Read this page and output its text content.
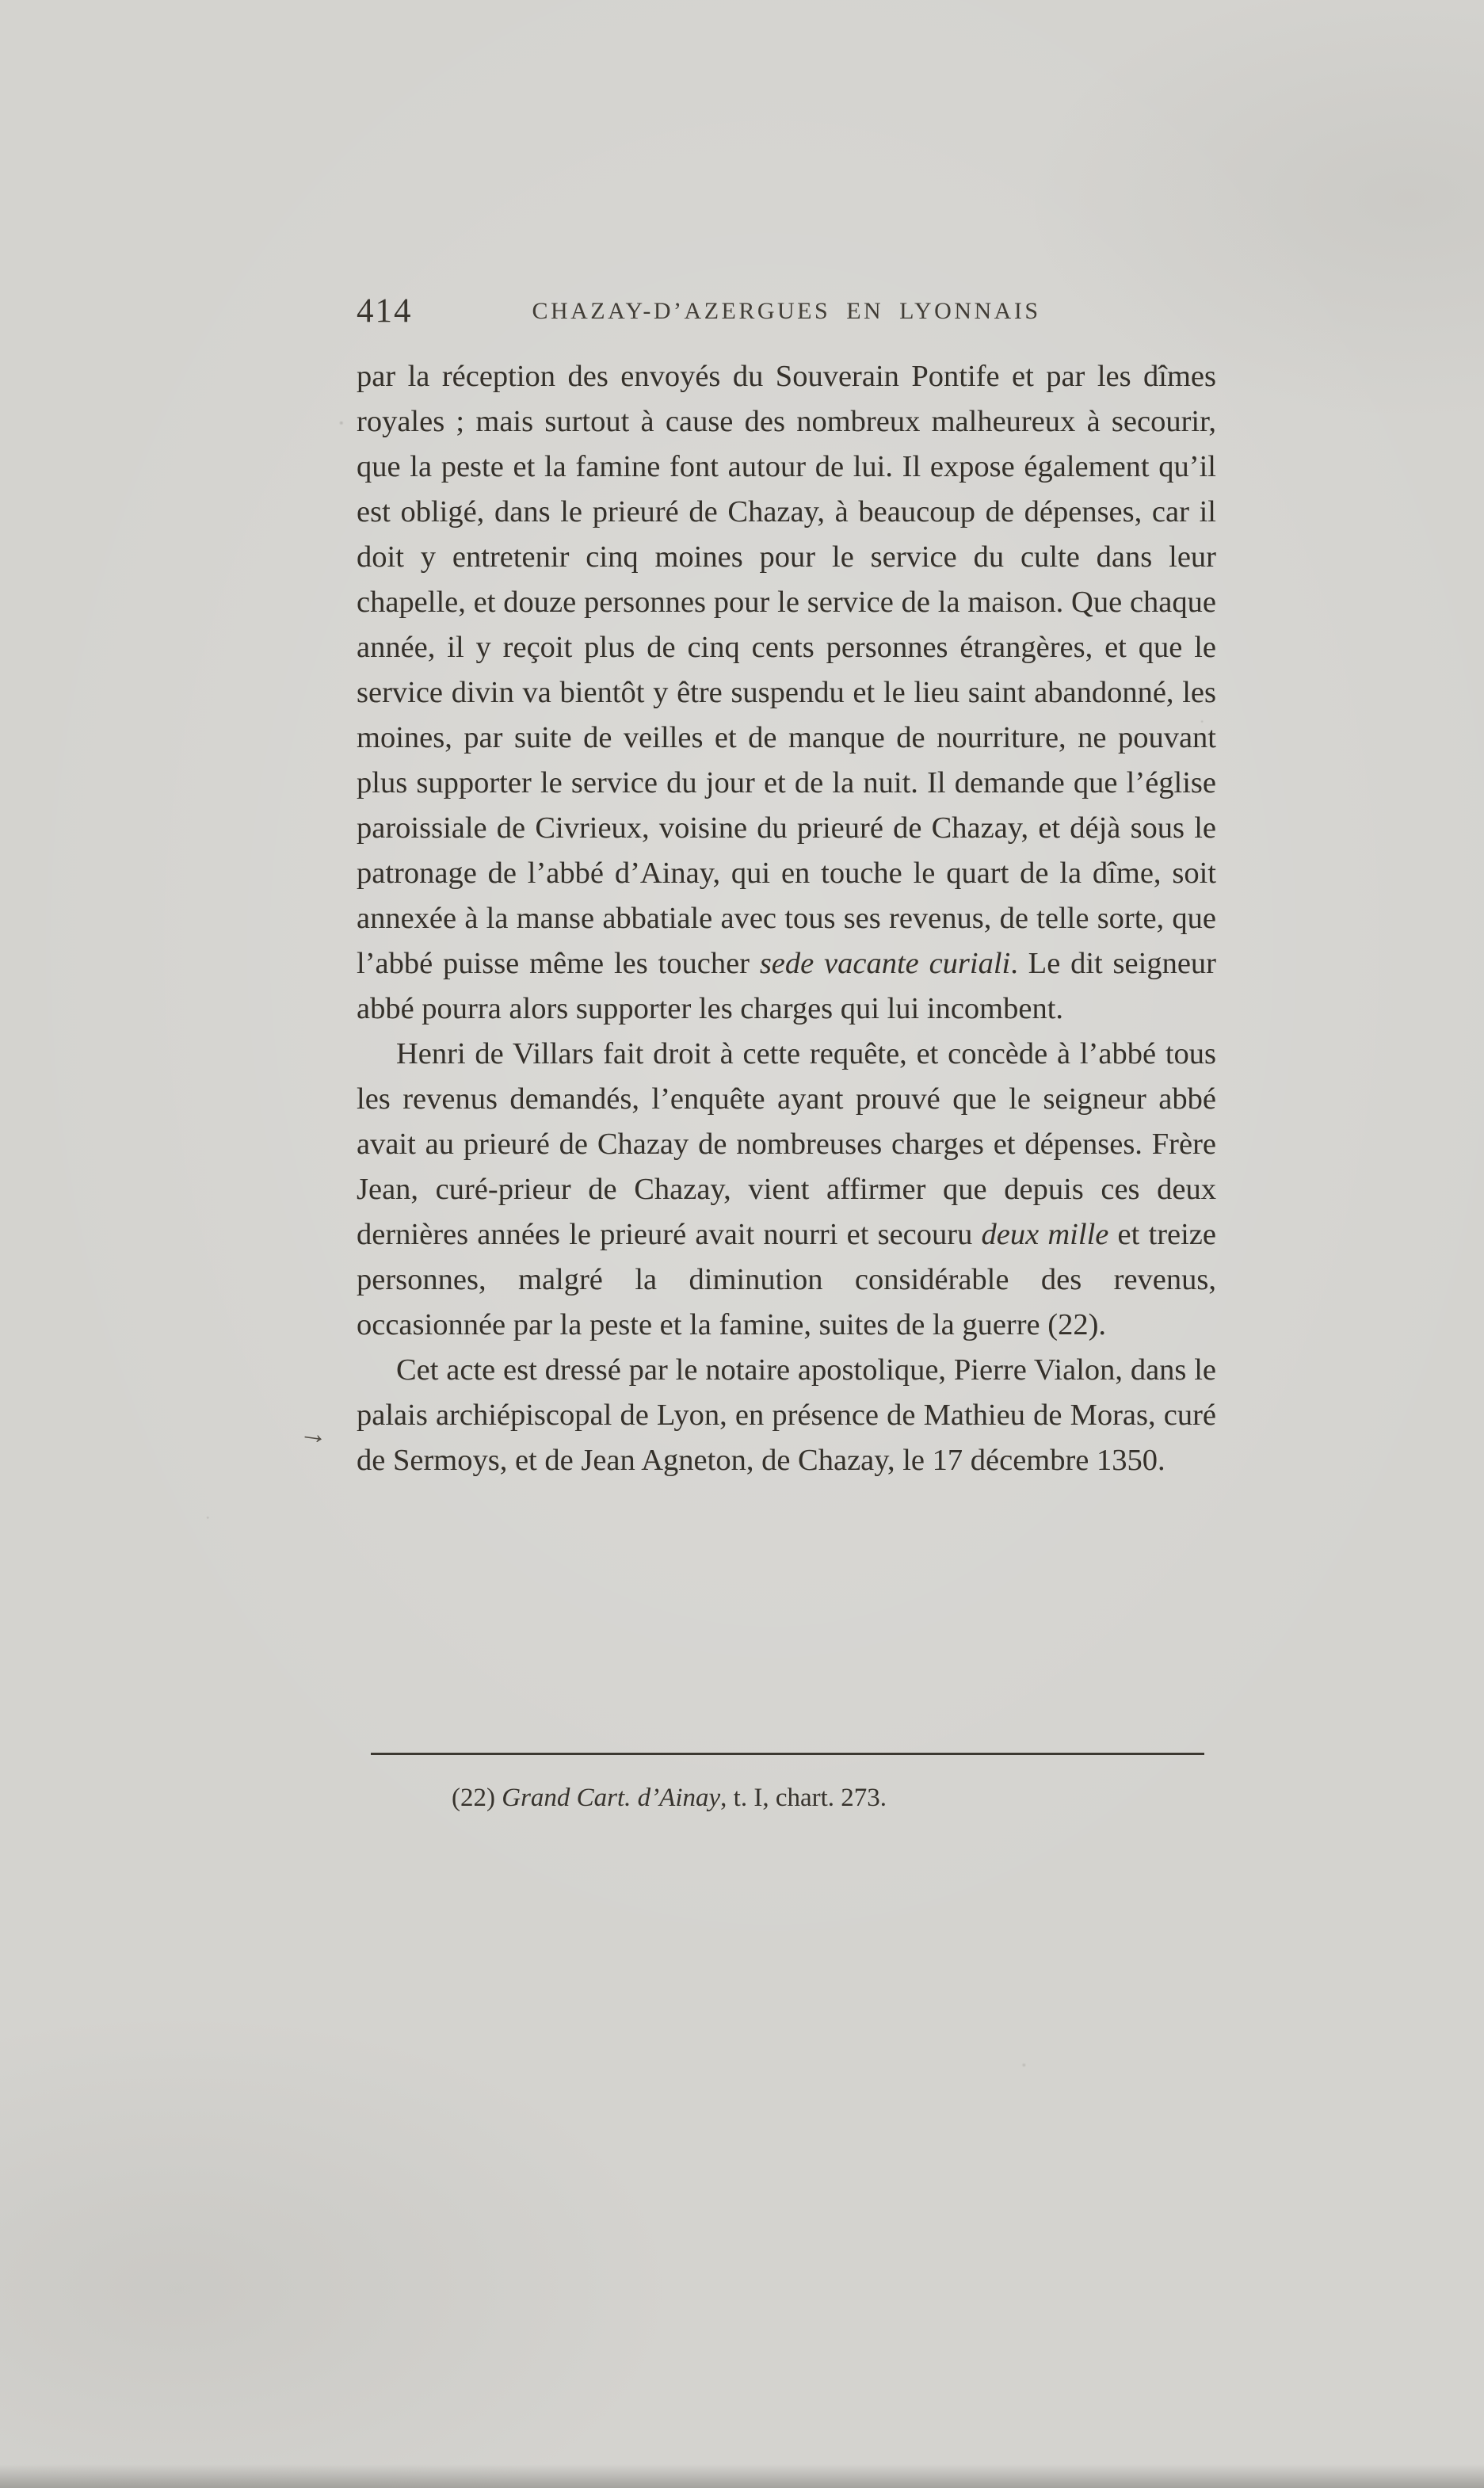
414	CHAZAY-D’AZERGUES EN LYONNAIS

par la réception des envoyés du Souverain Pontife et par les dîmes royales ; mais surtout à cause des nombreux malheureux à secourir, que la peste et la famine font autour de lui. Il expose également qu’il est obligé, dans le prieuré de Chazay, à beaucoup de dépenses, car il doit y entretenir cinq moines pour le service du culte dans leur chapelle, et douze personnes pour le service de la maison. Que chaque année, il y reçoit plus de cinq cents personnes étrangères, et que le service divin va bientôt y être suspendu et le lieu saint abandonné, les moines, par suite de veilles et de manque de nourriture, ne pouvant plus supporter le service du jour et de la nuit. Il demande que l’église paroissiale de Civrieux, voisine du prieuré de Chazay, et déjà sous le patronage de l’abbé d’Ainay, qui en touche le quart de la dîme, soit annexée à la manse abbatiale avec tous ses revenus, de telle sorte, que l’abbé puisse même les toucher sede vacante curiali. Le dit seigneur abbé pourra alors supporter les charges qui lui incombent.

Henri de Villars fait droit à cette requête, et concède à l’abbé tous les revenus demandés, l’enquête ayant prouvé que le seigneur abbé avait au prieuré de Chazay de nombreuses charges et dépenses. Frère Jean, curé-prieur de Chazay, vient affirmer que depuis ces deux dernières années le prieuré avait nourri et secouru deux mille et treize personnes, malgré la diminution considérable des revenus, occasionnée par la peste et la famine, suites de la guerre (22).

Cet acte est dressé par le notaire apostolique, Pierre Vialon, dans le palais archiépiscopal de Lyon, en présence de Mathieu de Moras, curé de Sermoys, et de Jean Agneton, de Chazay, le 17 décembre 1350.

→

(22) Grand Cart. d’Ainay, t. I, chart. 273.
